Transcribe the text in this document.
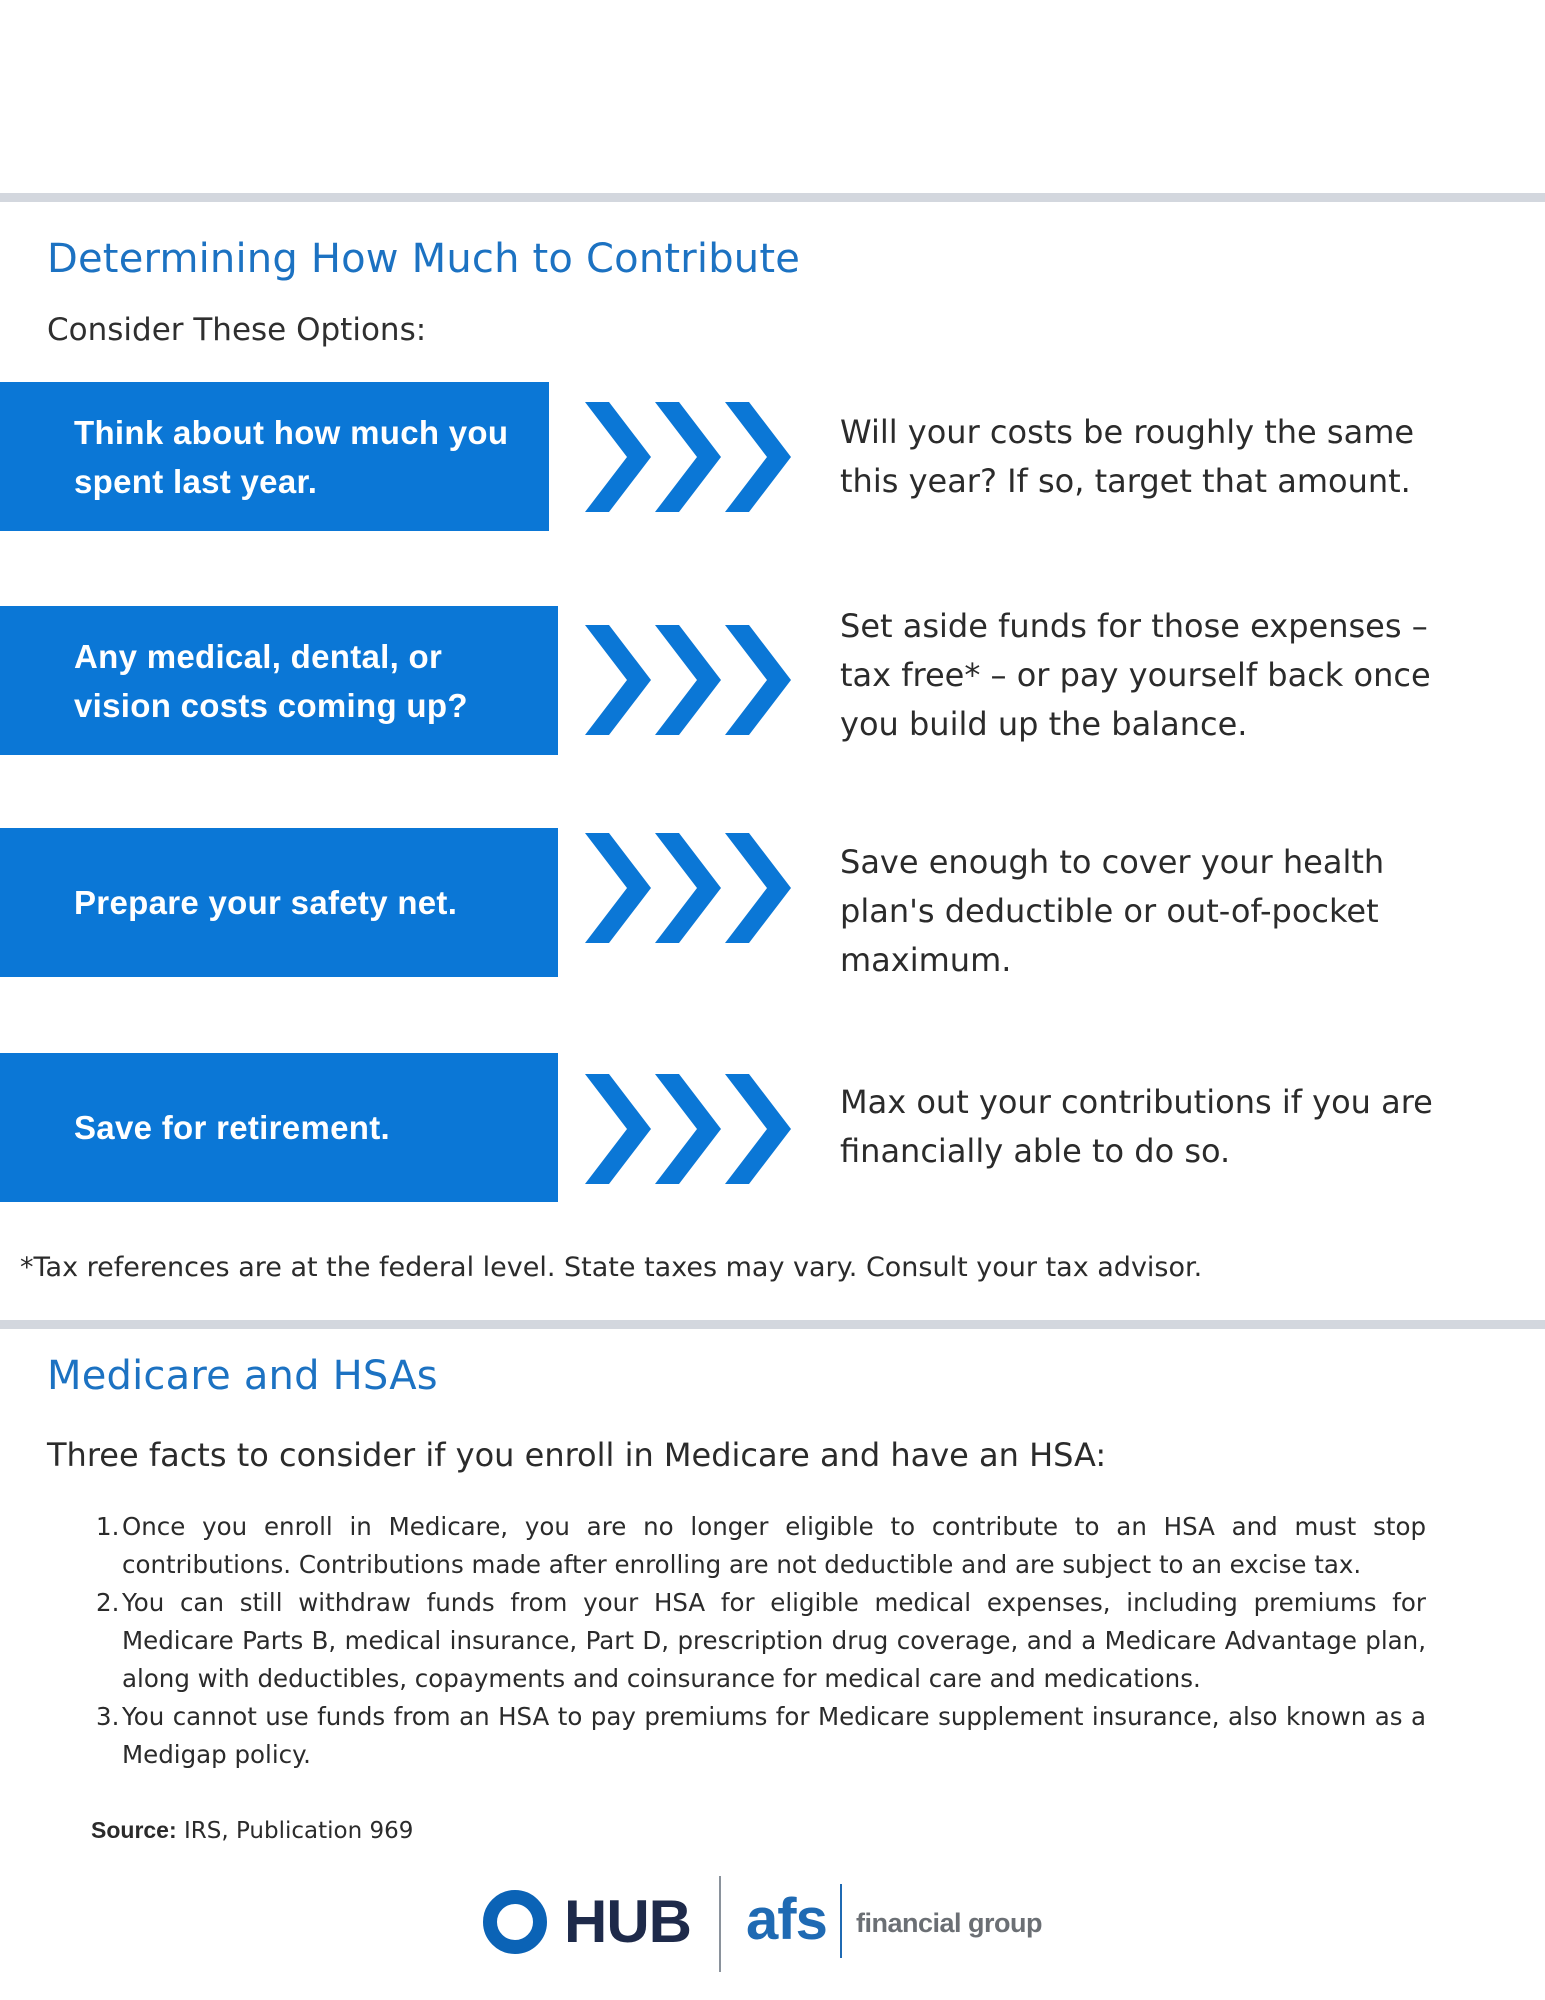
Determining How Much to Contribute
Consider These Options:
Think about how much you spent last year.
Will your costs be roughly the same this year? If so, target that amount.
Any medical, dental, or vision costs coming up?
Set aside funds for those expenses – tax free* – or pay yourself back once you build up the balance.
Prepare your safety net.
Save enough to cover your health plan's deductible or out-of-pocket maximum.
Save for retirement.
Max out your contributions if you are financially able to do so.
*Tax references are at the federal level. State taxes may vary. Consult your tax advisor.
Medicare and HSAs
Three facts to consider if you enroll in Medicare and have an HSA:
1. Once you enroll in Medicare, you are no longer eligible to contribute to an HSA and must stop contributions. Contributions made after enrolling are not deductible and are subject to an excise tax.
2. You can still withdraw funds from your HSA for eligible medical expenses, including premiums for Medicare Parts B, medical insurance, Part D, prescription drug coverage, and a Medicare Advantage plan, along with deductibles, copayments and coinsurance for medical care and medications.
3. You cannot use funds from an HSA to pay premiums for Medicare supplement insurance, also known as a Medigap policy.
Source: IRS, Publication 969
HUB afs financial group
